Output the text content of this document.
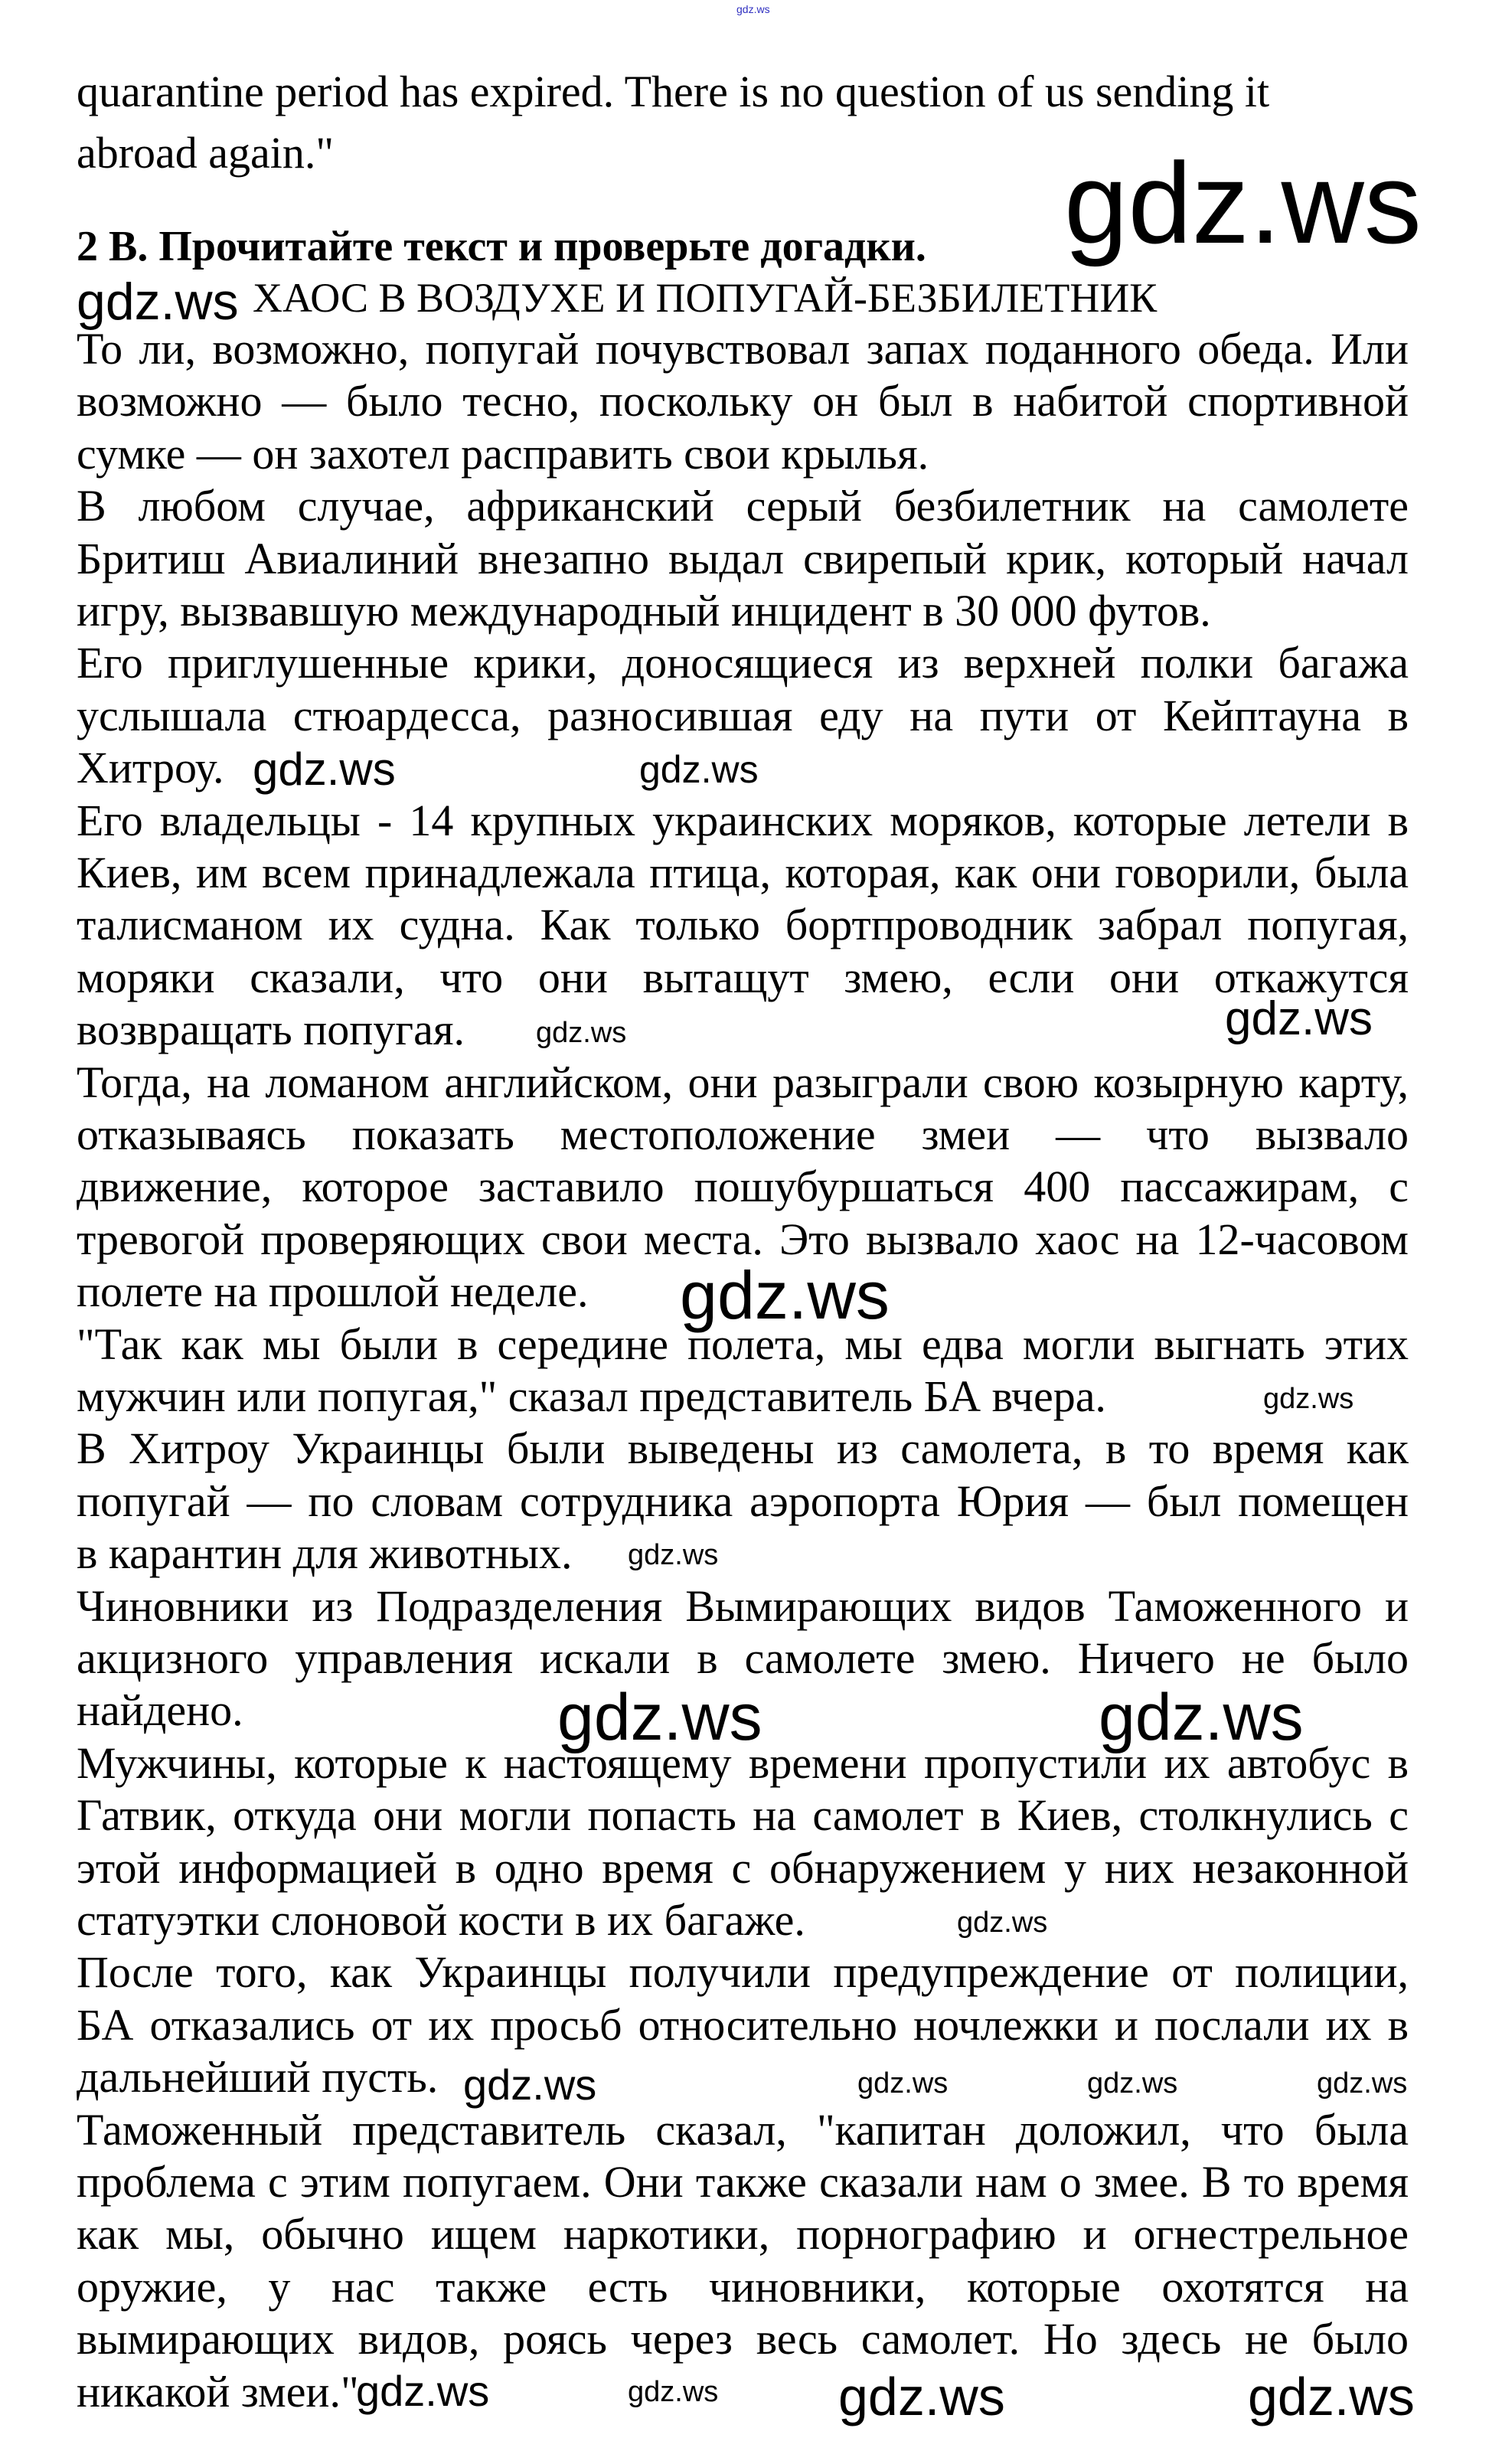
gdz.ws
quarantine period has expired. There is no question of us sending it
abroad again."
2 В. Прочитайте текст и проверьте догадки.
ХАОС В ВОЗДУХЕ И ПОПУГАЙ-БЕЗБИЛЕТНИК
То ли, возможно, попугай почувствовал запах поданного обеда. Или
возможно — было тесно, поскольку он был в набитой спортивной
сумке — он захотел расправить свои крылья.
В любом случае, африканский серый безбилетник на самолете
Бритиш Авиалиний внезапно выдал свирепый крик, который начал
игру, вызвавшую международный инцидент в 30 000 футов.
Его приглушенные крики, доносящиеся из верхней полки багажа
услышала стюардесса, разносившая еду на пути от Кейптауна в
Хитроу.
Его владельцы - 14 крупных украинских моряков, которые летели в
Киев, им всем принадлежала птица, которая, как они говорили, была
талисманом их судна. Как только бортпроводник забрал попугая,
моряки сказали, что они вытащут змею, если они откажутся
возвращать попугая.
Тогда, на ломаном английском, они разыграли свою козырную карту,
отказываясь показать местоположение змеи — что вызвало
движение, которое заставило пошубуршаться 400 пассажирам, с
тревогой проверяющих свои места. Это вызвало хаос на 12-часовом
полете на прошлой неделе.
"Так как мы были в середине полета, мы едва могли выгнать этих
мужчин или попугая," сказал представитель БА вчера.
В Хитроу Украинцы были выведены из самолета, в то время как
попугай — по словам сотрудника аэропорта Юрия — был помещен
в карантин для животных.
Чиновники из Подразделения Вымирающих видов Таможенного и
акцизного управления искали в самолете змею. Ничего не было
найдено.
Мужчины, которые к настоящему времени пропустили их автобус в
Гатвик, откуда они могли попасть на самолет в Киев, столкнулись с
этой информацией в одно время с обнаружением у них незаконной
статуэтки слоновой кости в их багаже.
После того, как Украинцы получили предупреждение от полиции,
БА отказались от их просьб относительно ночлежки и послали их в
дальнейший пусть.
Таможенный представитель сказал, "капитан доложил, что была
проблема с этим попугаем. Они также сказали нам о змее. В то время
как мы, обычно ищем наркотики, порнографию и огнестрельное
оружие, у нас также есть чиновники, которые охотятся на
вымирающих видов, роясь через весь самолет. Но здесь не было
никакой змеи."
gdz.ws
gdz.ws
gdz.ws	gdz.ws
gdz.ws
gdz.ws
gdz.ws
gdz.ws
gdz.ws
gdz.ws	gdz.ws
gdz.ws
gdz.ws	gdz.ws	gdz.ws	gdz.ws
gdz.ws
gdz.ws	gdz.ws	gdz.ws
